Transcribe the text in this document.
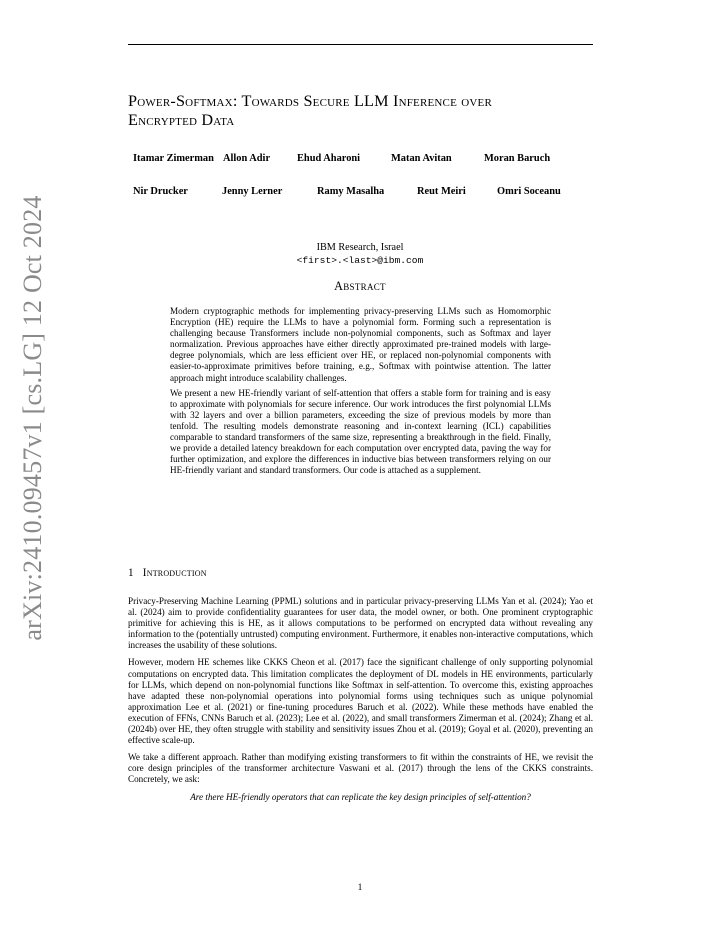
arXiv:2410.09457v1 [cs.LG] 12 Oct 2024
Power-Softmax: Towards Secure LLM Inference over
Encrypted Data
Itamar Zimerman Allon Adir	Ehud Aharoni	Matan Avitan	Moran Baruch
Nir Drucker	Jenny Lerner	Ramy Masalha	Reut Meiri	Omri Soceanu
IBM Research, Israel
<first>.<last>@ibm.com
Abstract

Modern cryptographic methods for implementing privacy-preserving LLMs such as Homomorphic Encryption (HE) require the LLMs to have a polynomial form. Forming such a representation is challenging because Transformers include non-polynomial components, such as Softmax and layer normalization. Previous approaches have either directly approximated pre-trained models with large-degree polynomials, which are less efficient over HE, or replaced non-polynomial components with easier-to-approximate primitives before training, e.g., Softmax with pointwise attention. The latter approach might introduce scalability challenges.

We present a new HE-friendly variant of self-attention that offers a stable form for training and is easy to approximate with polynomials for secure inference. Our work introduces the first polynomial LLMs with 32 layers and over a billion parameters, exceeding the size of previous models by more than tenfold. The resulting models demonstrate reasoning and in-context learning (ICL) capabilities comparable to standard transformers of the same size, representing a breakthrough in the field. Finally, we provide a detailed latency breakdown for each computation over encrypted data, paving the way for further optimization, and explore the differences in inductive bias between transformers relying on our HE-friendly variant and standard transformers. Our code is attached as a supplement.

1 Introduction

Privacy-Preserving Machine Learning (PPML) solutions and in particular privacy-preserving LLMs Yan et al. (2024); Yao et al. (2024) aim to provide confidentiality guarantees for user data, the model owner, or both. One prominent cryptographic primitive for achieving this is HE, as it allows computations to be performed on encrypted data without revealing any information to the (potentially untrusted) computing environment. Furthermore, it enables non-interactive computations, which increases the usability of these solutions.

However, modern HE schemes like CKKS Cheon et al. (2017) face the significant challenge of only supporting polynomial computations on encrypted data. This limitation complicates the deployment of DL models in HE environments, particularly for LLMs, which depend on non-polynomial functions like Softmax in self-attention. To overcome this, existing approaches have adapted these non-polynomial operations into polynomial forms using techniques such as unique polynomial approximation Lee et al. (2021) or fine-tuning procedures Baruch et al. (2022). While these methods have enabled the execution of FFNs, CNNs Baruch et al. (2023); Lee et al. (2022), and small transformers Zimerman et al. (2024); Zhang et al. (2024b) over HE, they often struggle with stability and sensitivity issues Zhou et al. (2019); Goyal et al. (2020), preventing an effective scale-up.

We take a different approach. Rather than modifying existing transformers to fit within the constraints of HE, we revisit the core design principles of the transformer architecture Vaswani et al. (2017) through the lens of the CKKS constraints. Concretely, we ask:

Are there HE-friendly operators that can replicate the key design principles of self-attention?
1
